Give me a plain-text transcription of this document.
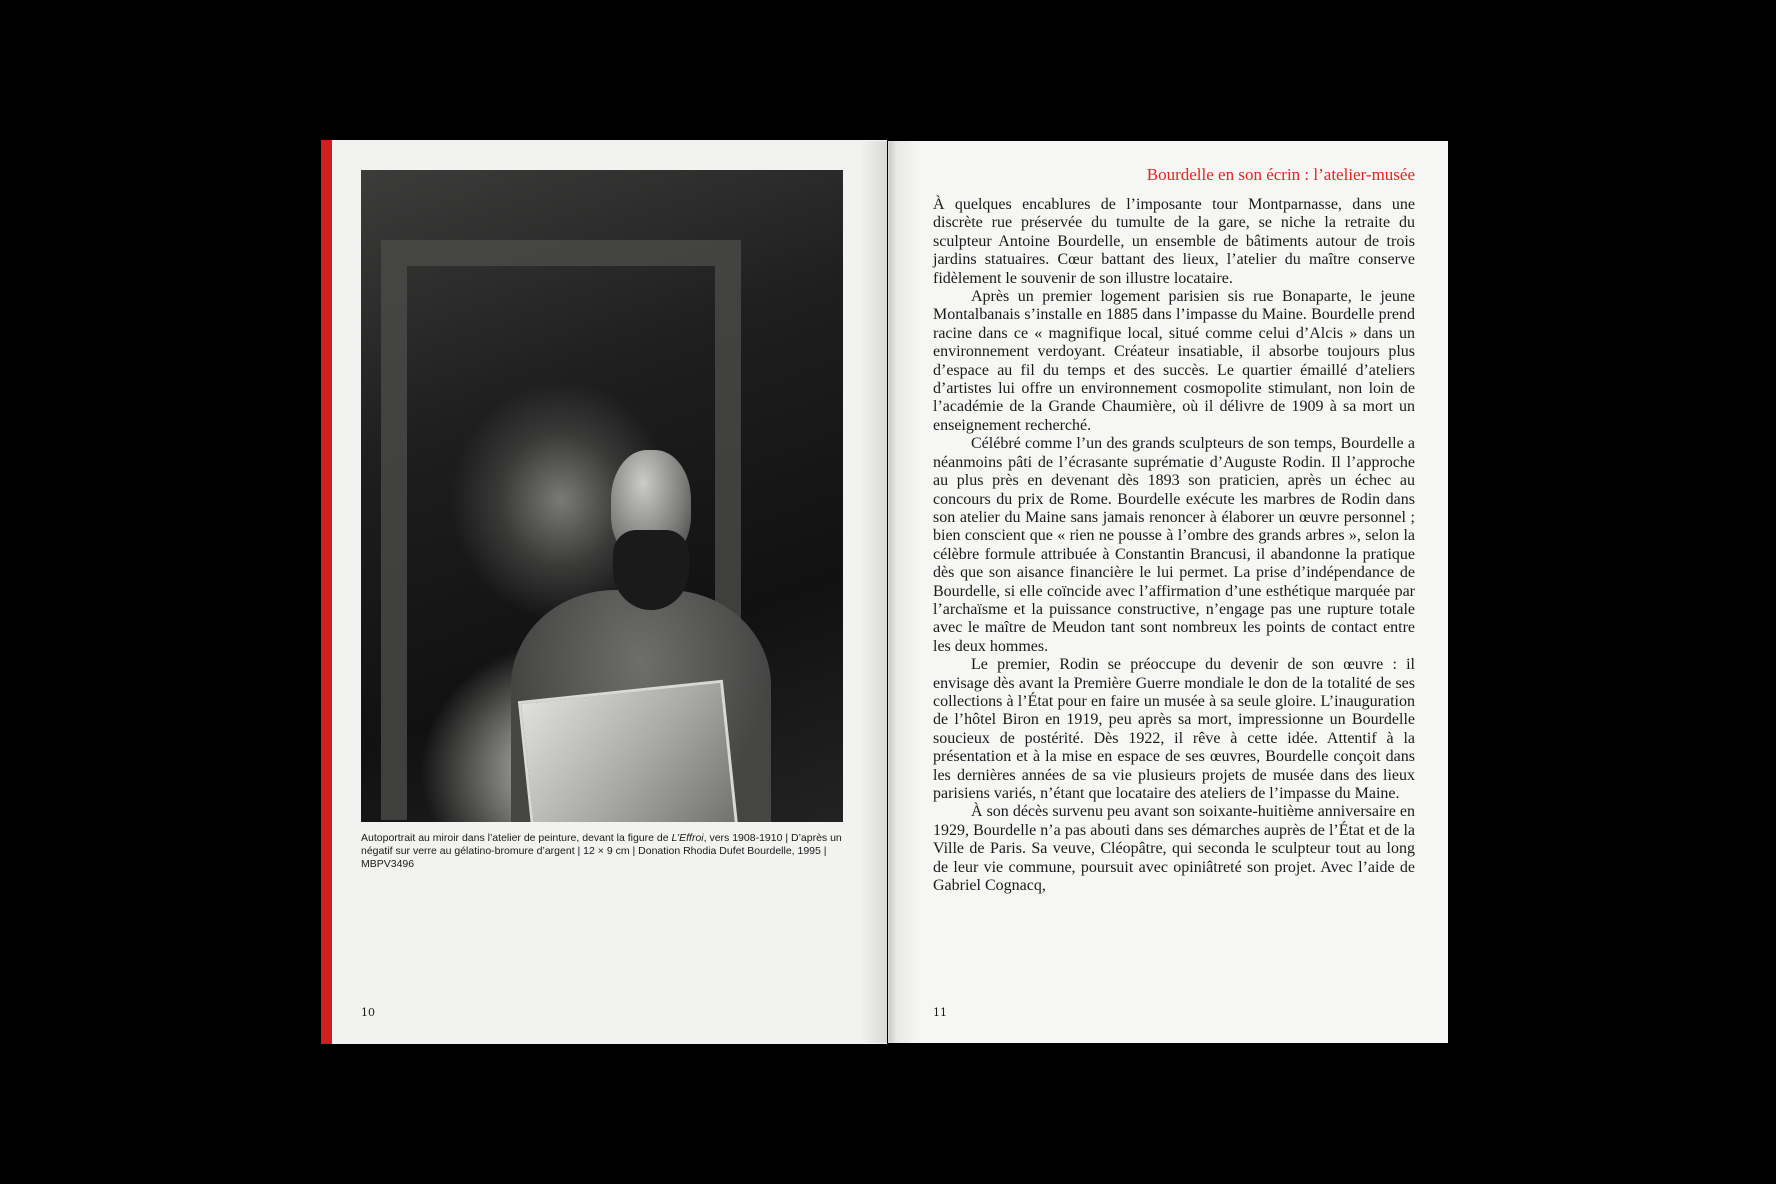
Autoportrait au miroir dans l’atelier de peinture, devant la figure de L’Effroi, vers 1908-1910 | D’après un négatif sur verre au gélatino-bromure d’argent | 12 × 9 cm | Donation Rhodia Dufet Bourdelle, 1995 | MBPV3496
10
Bourdelle en son écrin : l’atelier-musée

À quelques encablures de l’imposante tour Montparnasse, dans une discrète rue préservée du tumulte de la gare, se niche la retraite du sculpteur Antoine Bourdelle, un ensemble de bâtiments autour de trois jardins statuaires. Cœur battant des lieux, l’atelier du maître conserve fidèlement le souvenir de son illustre locataire.

Après un premier logement parisien sis rue Bonaparte, le jeune Montalbanais s’installe en 1885 dans l’impasse du Maine. Bourdelle prend racine dans ce « magnifique local, situé comme celui d’Alcis » dans un environnement verdoyant. Créateur insatiable, il absorbe toujours plus d’espace au fil du temps et des succès. Le quartier émaillé d’ateliers d’artistes lui offre un environnement cosmopolite stimulant, non loin de l’académie de la Grande Chaumière, où il délivre de 1909 à sa mort un enseignement recherché.

Célébré comme l’un des grands sculpteurs de son temps, Bourdelle a néanmoins pâti de l’écrasante suprématie d’Auguste Rodin. Il l’approche au plus près en devenant dès 1893 son praticien, après un échec au concours du prix de Rome. Bourdelle exécute les marbres de Rodin dans son atelier du Maine sans jamais renoncer à élaborer un œuvre personnel ; bien conscient que « rien ne pousse à l’ombre des grands arbres », selon la célèbre formule attribuée à Constantin Brancusi, il abandonne la pratique dès que son aisance financière le lui permet. La prise d’indépendance de Bourdelle, si elle coïncide avec l’affirmation d’une esthétique marquée par l’archaïsme et la puissance constructive, n’engage pas une rupture totale avec le maître de Meudon tant sont nombreux les points de contact entre les deux hommes.

Le premier, Rodin se préoccupe du devenir de son œuvre : il envisage dès avant la Première Guerre mondiale le don de la totalité de ses collections à l’État pour en faire un musée à sa seule gloire. L’inauguration de l’hôtel Biron en 1919, peu après sa mort, impressionne un Bourdelle soucieux de postérité. Dès 1922, il rêve à cette idée. Attentif à la présentation et à la mise en espace de ses œuvres, Bourdelle conçoit dans les dernières années de sa vie plusieurs projets de musée dans des lieux parisiens variés, n’étant que locataire des ateliers de l’impasse du Maine.

À son décès survenu peu avant son soixante-huitième anniversaire en 1929, Bourdelle n’a pas abouti dans ses démarches auprès de l’État et de la Ville de Paris. Sa veuve, Cléopâtre, qui seconda le sculpteur tout au long de leur vie commune, poursuit avec opiniâtreté son projet. Avec l’aide de Gabriel Cognacq,

11
